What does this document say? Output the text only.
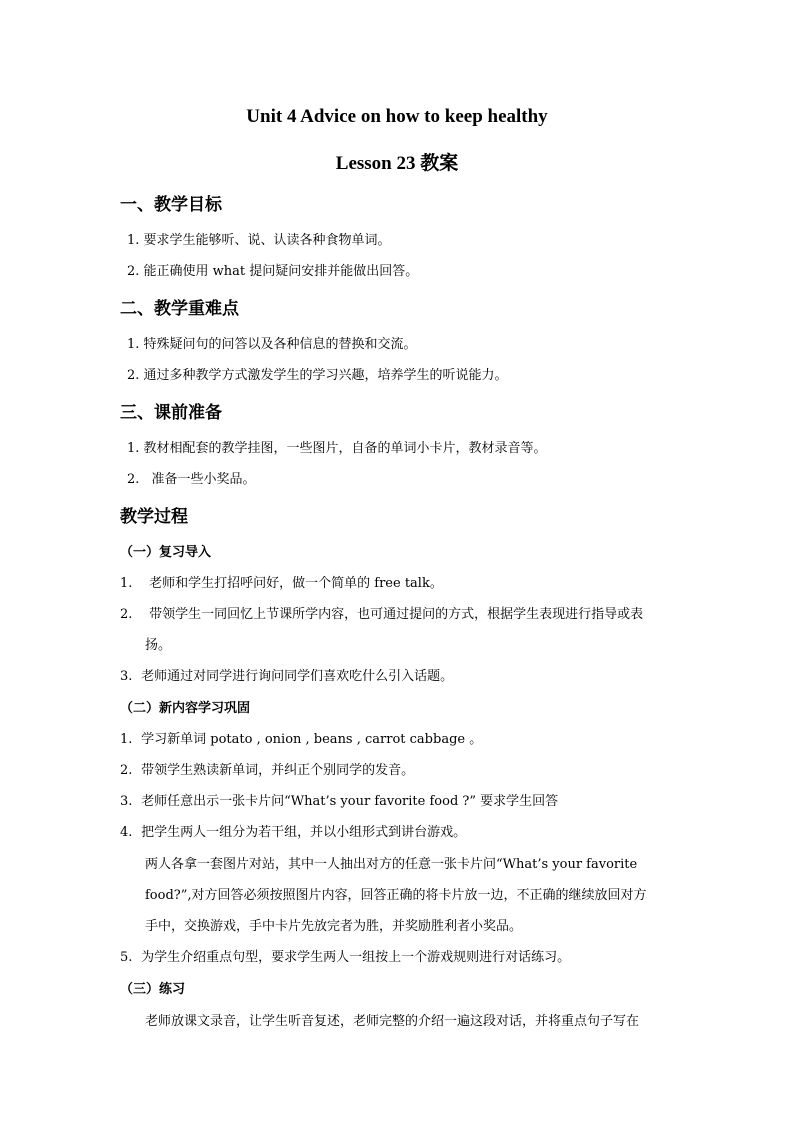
Unit 4 Advice on how to keep healthy
Lesson 23 教案
一、教学目标
1. 要求学生能够听、说、认读各种食物单词。
2. 能正确使用 what 提问疑问安排并能做出回答。
二、教学重难点
1. 特殊疑问句的问答以及各种信息的替换和交流。
2. 通过多种教学方式激发学生的学习兴趣，培养学生的听说能力。
三、课前准备
1. 教材相配套的教学挂图，一些图片，自备的单词小卡片，教材录音等。
2. 准备一些小奖品。
教学过程
（一）复习导入
1. 老师和学生打招呼问好，做一个简单的 free talk。
2. 带领学生一同回忆上节课所学内容，也可通过提问的方式，根据学生表现进行指导或表
扬。
3. 老师通过对同学进行询问同学们喜欢吃什么引入话题。
（二）新内容学习巩固
1. 学习新单词 potato , onion , beans , carrot cabbage 。
2. 带领学生熟读新单词，并纠正个别同学的发音。
3. 老师任意出示一张卡片问“What’s your favorite food ?” 要求学生回答
4. 把学生两人一组分为若干组，并以小组形式到讲台游戏。
两人各拿一套图片对站，其中一人抽出对方的任意一张卡片问“What’s your favorite
food?”,对方回答必须按照图片内容，回答正确的将卡片放一边，不正确的继续放回对方
手中，交换游戏，手中卡片先放完者为胜，并奖励胜利者小奖品。
5. 为学生介绍重点句型，要求学生两人一组按上一个游戏规则进行对话练习。
（三）练习
老师放课文录音，让学生听音复述，老师完整的介绍一遍这段对话，并将重点句子写在
